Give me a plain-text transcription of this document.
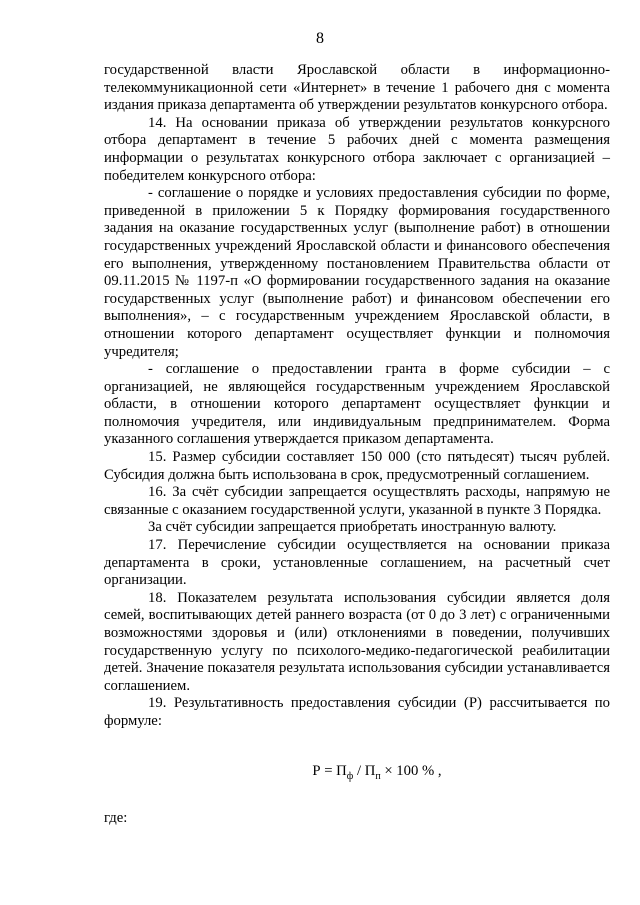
8

государственной власти Ярославской области в информационно-телекоммуникационной сети «Интернет» в течение 1 рабочего дня с момента издания приказа департамента об утверждении результатов конкурсного отбора.

14. На основании приказа об утверждении результатов конкурсного отбора департамент в течение 5 рабочих дней с момента размещения информации о результатах конкурсного отбора заключает с организацией – победителем конкурсного отбора:

- соглашение о порядке и условиях предоставления субсидии по форме, приведенной в приложении 5 к Порядку формирования государственного задания на оказание государственных услуг (выполнение работ) в отношении государственных учреждений Ярославской области и финансового обеспечения его выполнения, утвержденному постановлением Правительства области от 09.11.2015 № 1197-п «О формировании государственного задания на оказание государственных услуг (выполнение работ) и финансовом обеспечении его выполнения», – с государственным учреждением Ярославской области, в отношении которого департамент осуществляет функции и полномочия учредителя;

- соглашение о предоставлении гранта в форме субсидии – с организацией, не являющейся государственным учреждением Ярославской области, в отношении которого департамент осуществляет функции и полномочия учредителя, или индивидуальным предпринимателем. Форма указанного соглашения утверждается приказом департамента.

15. Размер субсидии составляет 150 000 (сто пятьдесят) тысяч рублей. Субсидия должна быть использована в срок, предусмотренный соглашением.

16. За счёт субсидии запрещается осуществлять расходы, напрямую не связанные с оказанием государственной услуги, указанной в пункте 3 Порядка.

За счёт субсидии запрещается приобретать иностранную валюту.

17. Перечисление субсидии осуществляется на основании приказа департамента в сроки, установленные соглашением, на расчетный счет организации.

18. Показателем результата использования субсидии является доля семей, воспитывающих детей раннего возраста (от 0 до 3 лет) с ограниченными возможностями здоровья и (или) отклонениями в поведении, получивших государственную услугу по психолого-медико-педагогической реабилитации детей. Значение показателя результата использования субсидии устанавливается соглашением.

19. Результативность предоставления субсидии (Р) рассчитывается по формуле:

$Р = П_ф / П_п \times 100$ % ,

где:
